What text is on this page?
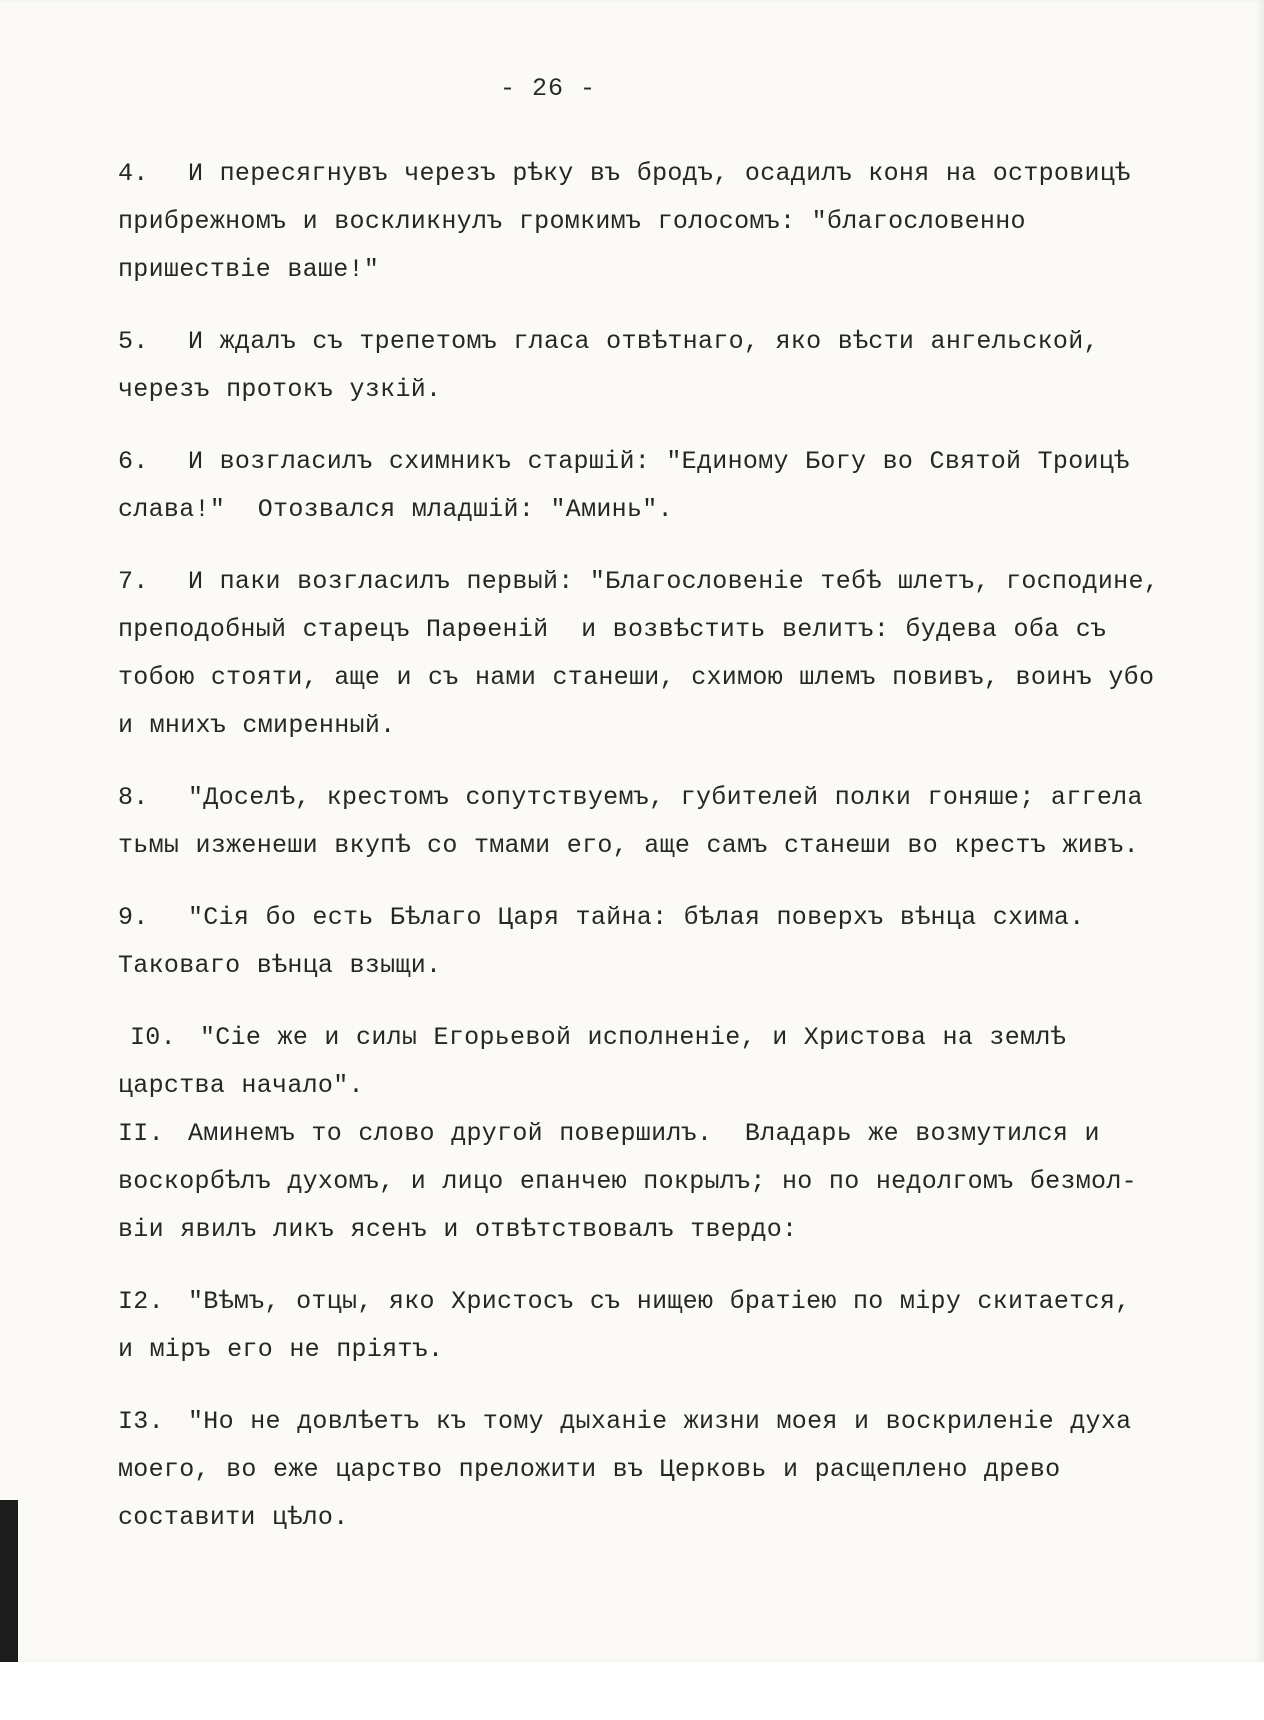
- 26 -
4. И пересягнувъ черезъ рѣку въ бродъ, осадилъ коня на островицѣ
прибрежномъ и воскликнулъ громкимъ голосомъ: "благословенно
пришествіе ваше!"
5. И ждалъ съ трепетомъ гласа отвѣтнаго, яко вѣсти ангельской,
черезъ протокъ узкій.
6. И возгласилъ схимникъ старшій: "Единому Богу во Святой Троицѣ
слава!"  Отозвался младшій: "Аминь".
7. И паки возгласилъ первый: "Благословеніе тебѣ шлетъ, господине,
преподобный старецъ Парѳеній  и возвѣстить велитъ: будева оба съ
тобою стояти, аще и съ нами станеши, схимою шлемъ повивъ, воинъ убо
и мнихъ смиренный.
8. "Доселѣ, крестомъ сопутствуемъ, губителей полки гоняше; аггела
тьмы изженеши вкупѣ со тмами его, аще самъ станеши во крестъ живъ.
9. "Сія бо есть Бѣлаго Царя тайна: бѣлая поверхъ вѣнца схима.
Таковаго вѣнца взыщи.
I0. "Сіе же и силы Егорьевой исполненіе, и Христова на землѣ
царства начало".
II. Аминемъ то слово другой повершилъ.  Владарь же возмутился и
воскорбѣлъ духомъ, и лицо епанчею покрылъ; но по недолгомъ безмол-
віи явилъ ликъ ясенъ и отвѣтствовалъ твердо:
I2. "Вѣмъ, отцы, яко Христосъ съ нищею братіею по міру скитается,
и міръ его не пріятъ.
I3. "Но не довлѣетъ къ тому дыханіе жизни моея и воскриленіе духа
моего, во еже царство преложити въ Церковь и расщеплено древо
составити цѣло.
